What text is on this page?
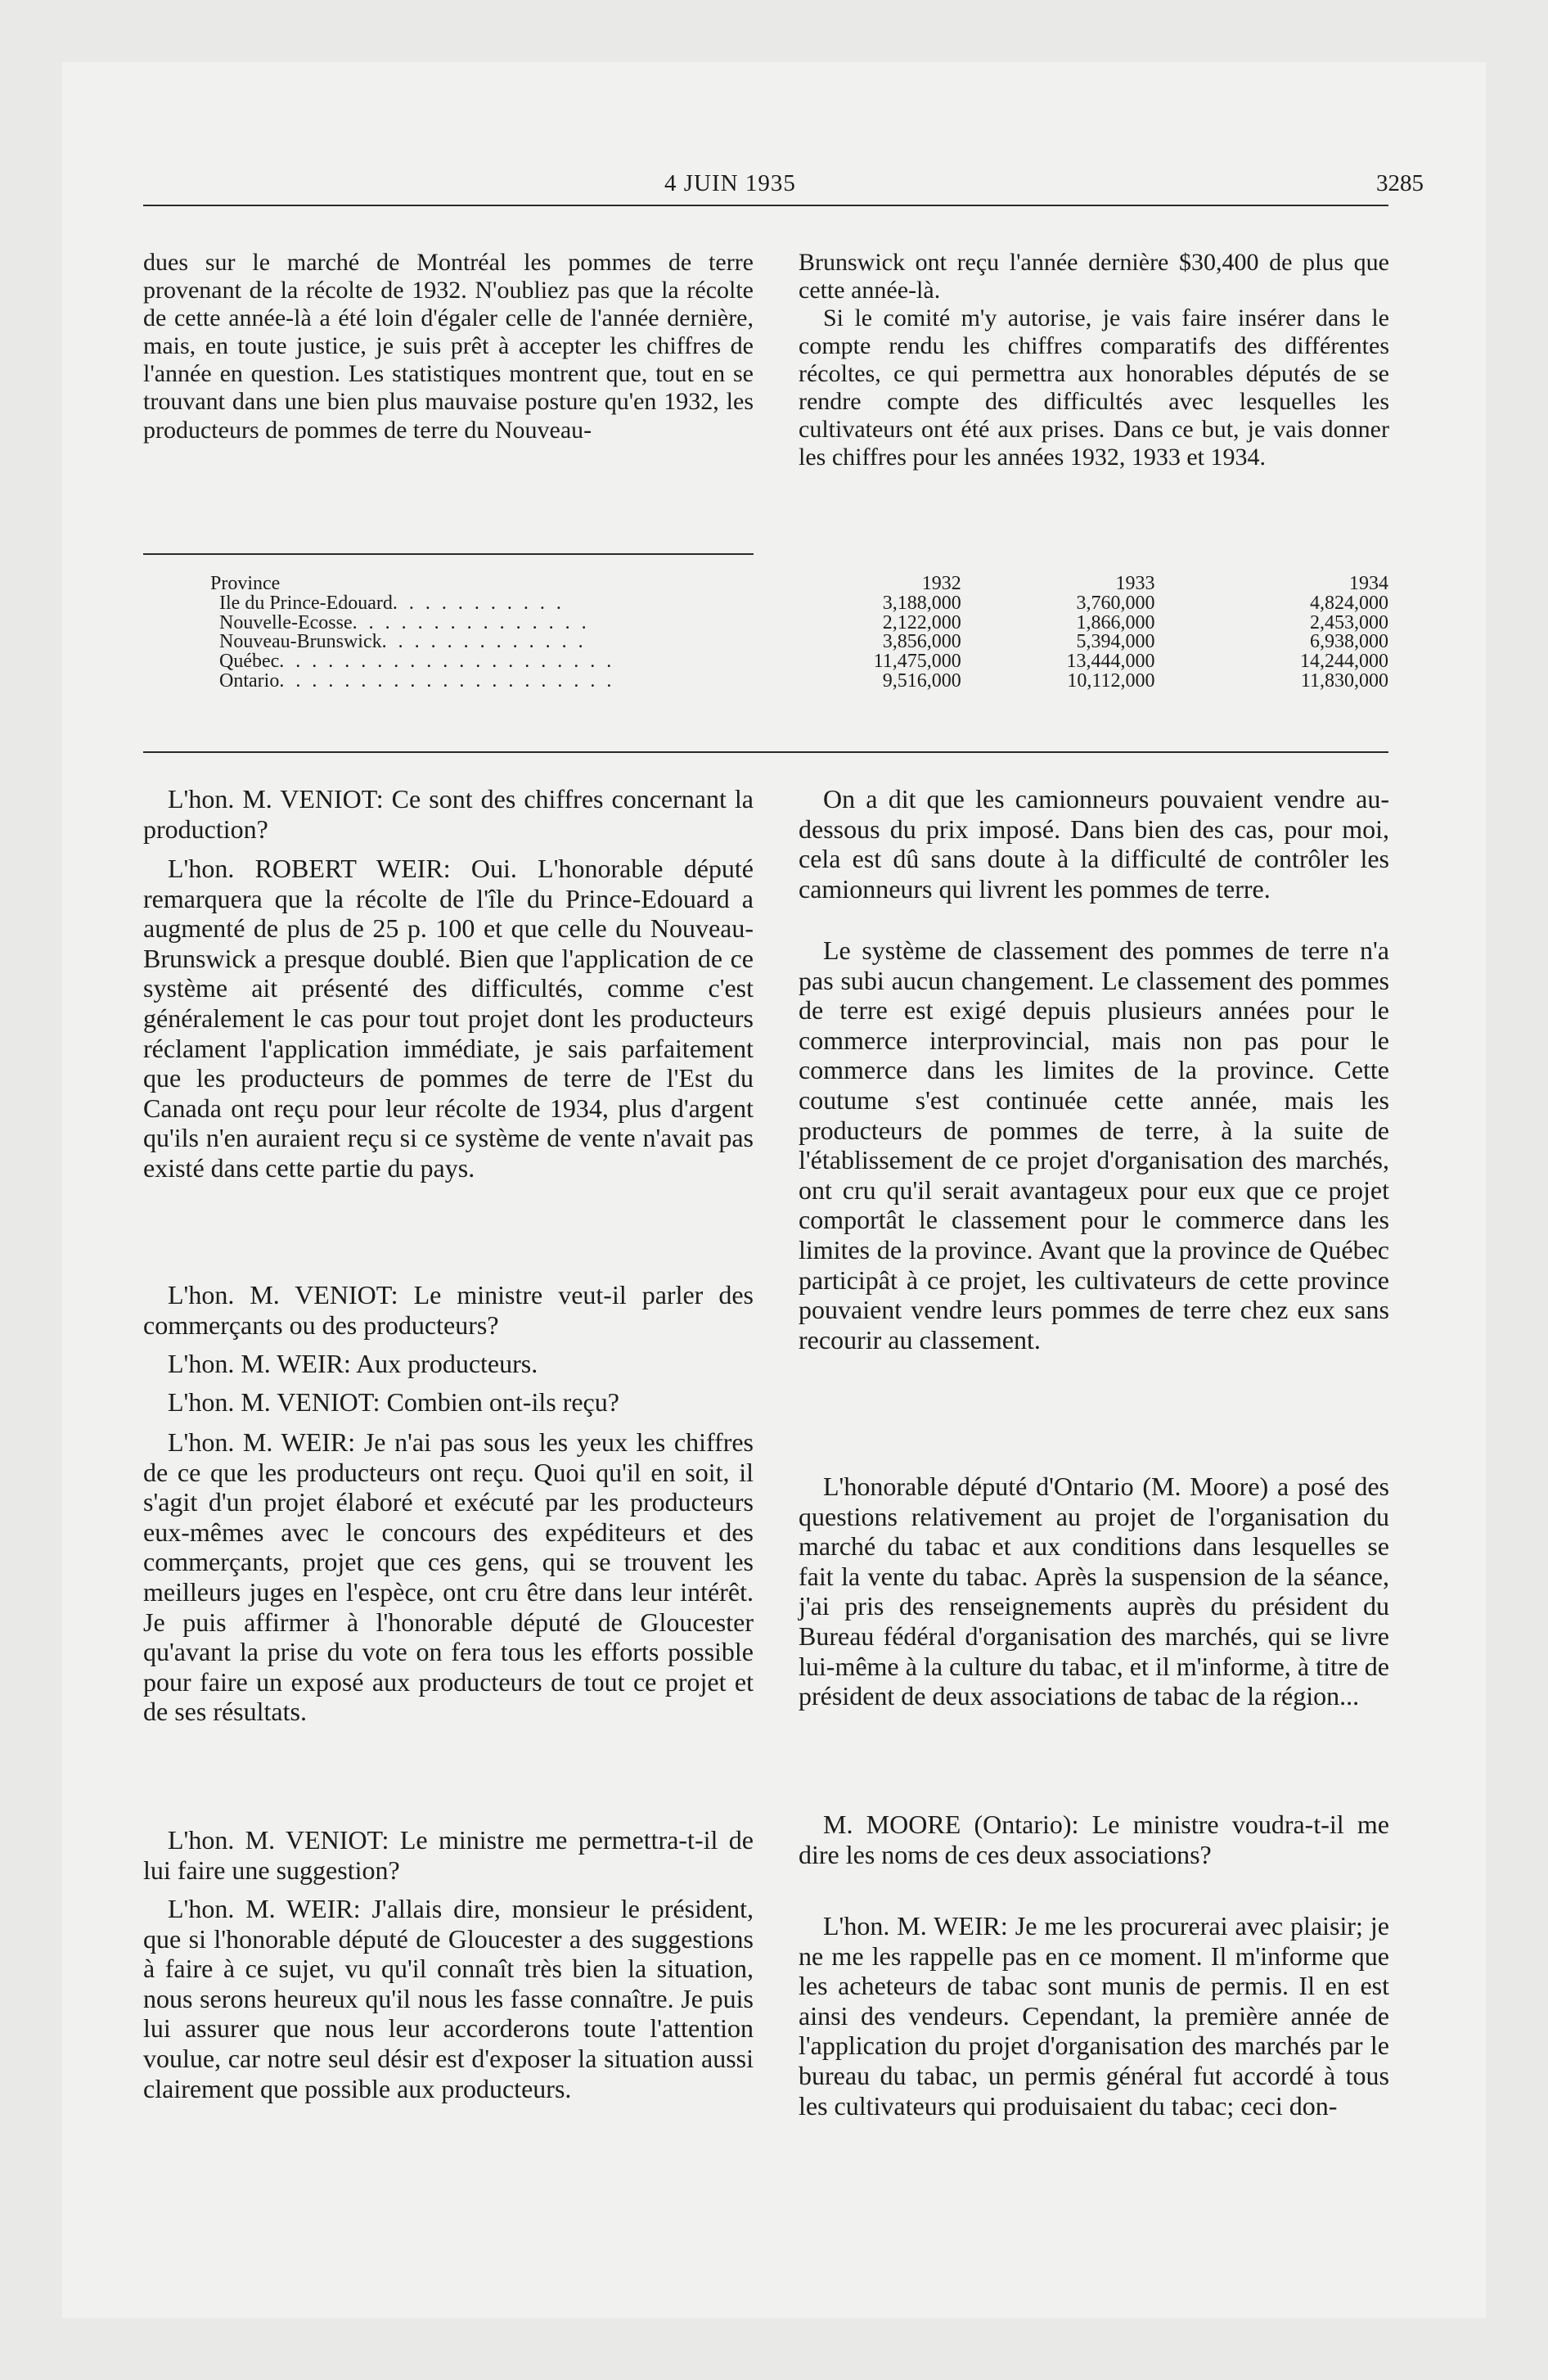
4 JUIN 1935	3285

dues sur le marché de Montréal les pommes de terre provenant de la récolte de 1932. N'oubliez pas que la récolte de cette année-là a été loin d'égaler celle de l'année dernière, mais, en toute justice, je suis prêt à accepter les chiffres de l'année en question. Les statistiques montrent que, tout en se trouvant dans une bien plus mauvaise posture qu'en 1932, les producteurs de pommes de terre du Nouveau-

Brunswick ont reçu l'année dernière $30,400 de plus que cette année-là.

Si le comité m'y autorise, je vais faire insérer dans le compte rendu les chiffres comparatifs des différentes récoltes, ce qui permettra aux honorables députés de se rendre compte des difficultés avec lesquelles les cultivateurs ont été aux prises. Dans ce but, je vais donner les chiffres pour les années 1932, 1933 et 1934.

Province	1932	1933	1934
Ile du Prince-Edouard. . . . . . . . . . .	3,188,000	3,760,000	4,824,000
Nouvelle-Ecosse. . . . . . . . . . . . . . .	2,122,000	1,866,000	2,453,000
Nouveau-Brunswick. . . . . . . . . . . . .	3,856,000	5,394,000	6,938,000
Québec. . . . . . . . . . . . . . . . . . . . .	11,475,000	13,444,000	14,244,000
Ontario. . . . . . . . . . . . . . . . . . . . .	9,516,000	10,112,000	11,830,000

L'hon. M. VENIOT: Ce sont des chiffres concernant la production?

L'hon. ROBERT WEIR: Oui. L'honorable député remarquera que la récolte de l'île du Prince-Edouard a augmenté de plus de 25 p. 100 et que celle du Nouveau-Brunswick a presque doublé. Bien que l'application de ce système ait présenté des difficultés, comme c'est généralement le cas pour tout projet dont les producteurs réclament l'application immédiate, je sais parfaitement que les producteurs de pommes de terre de l'Est du Canada ont reçu pour leur récolte de 1934, plus d'argent qu'ils n'en auraient reçu si ce système de vente n'avait pas existé dans cette partie du pays.

L'hon. M. VENIOT: Le ministre veut-il parler des commerçants ou des producteurs?

L'hon. M. WEIR: Aux producteurs.

L'hon. M. VENIOT: Combien ont-ils reçu?

L'hon. M. WEIR: Je n'ai pas sous les yeux les chiffres de ce que les producteurs ont reçu. Quoi qu'il en soit, il s'agit d'un projet élaboré et exécuté par les producteurs eux-mêmes avec le concours des expéditeurs et des commerçants, projet que ces gens, qui se trouvent les meilleurs juges en l'espèce, ont cru être dans leur intérêt. Je puis affirmer à l'honorable député de Gloucester qu'avant la prise du vote on fera tous les efforts possible pour faire un exposé aux producteurs de tout ce projet et de ses résultats.

L'hon. M. VENIOT: Le ministre me permettra-t-il de lui faire une suggestion?

L'hon. M. WEIR: J'allais dire, monsieur le président, que si l'honorable député de Gloucester a des suggestions à faire à ce sujet, vu qu'il connaît très bien la situation, nous serons heureux qu'il nous les fasse connaître. Je puis lui assurer que nous leur accorderons toute l'attention voulue, car notre seul désir est d'exposer la situation aussi clairement que possible aux producteurs.

On a dit que les camionneurs pouvaient vendre au-dessous du prix imposé. Dans bien des cas, pour moi, cela est dû sans doute à la difficulté de contrôler les camionneurs qui livrent les pommes de terre.

Le système de classement des pommes de terre n'a pas subi aucun changement. Le classement des pommes de terre est exigé depuis plusieurs années pour le commerce interprovincial, mais non pas pour le commerce dans les limites de la province. Cette coutume s'est continuée cette année, mais les producteurs de pommes de terre, à la suite de l'établissement de ce projet d'organisation des marchés, ont cru qu'il serait avantageux pour eux que ce projet comportât le classement pour le commerce dans les limites de la province. Avant que la province de Québec participât à ce projet, les cultivateurs de cette province pouvaient vendre leurs pommes de terre chez eux sans recourir au classement.

L'honorable député d'Ontario (M. Moore) a posé des questions relativement au projet de l'organisation du marché du tabac et aux conditions dans lesquelles se fait la vente du tabac. Après la suspension de la séance, j'ai pris des renseignements auprès du président du Bureau fédéral d'organisation des marchés, qui se livre lui-même à la culture du tabac, et il m'informe, à titre de président de deux associations de tabac de la région...

M. MOORE (Ontario): Le ministre voudra-t-il me dire les noms de ces deux associations?

L'hon. M. WEIR: Je me les procurerai avec plaisir; je ne me les rappelle pas en ce moment. Il m'informe que les acheteurs de tabac sont munis de permis. Il en est ainsi des vendeurs. Cependant, la première année de l'application du projet d'organisation des marchés par le bureau du tabac, un permis général fut accordé à tous les cultivateurs qui produisaient du tabac; ceci don-
